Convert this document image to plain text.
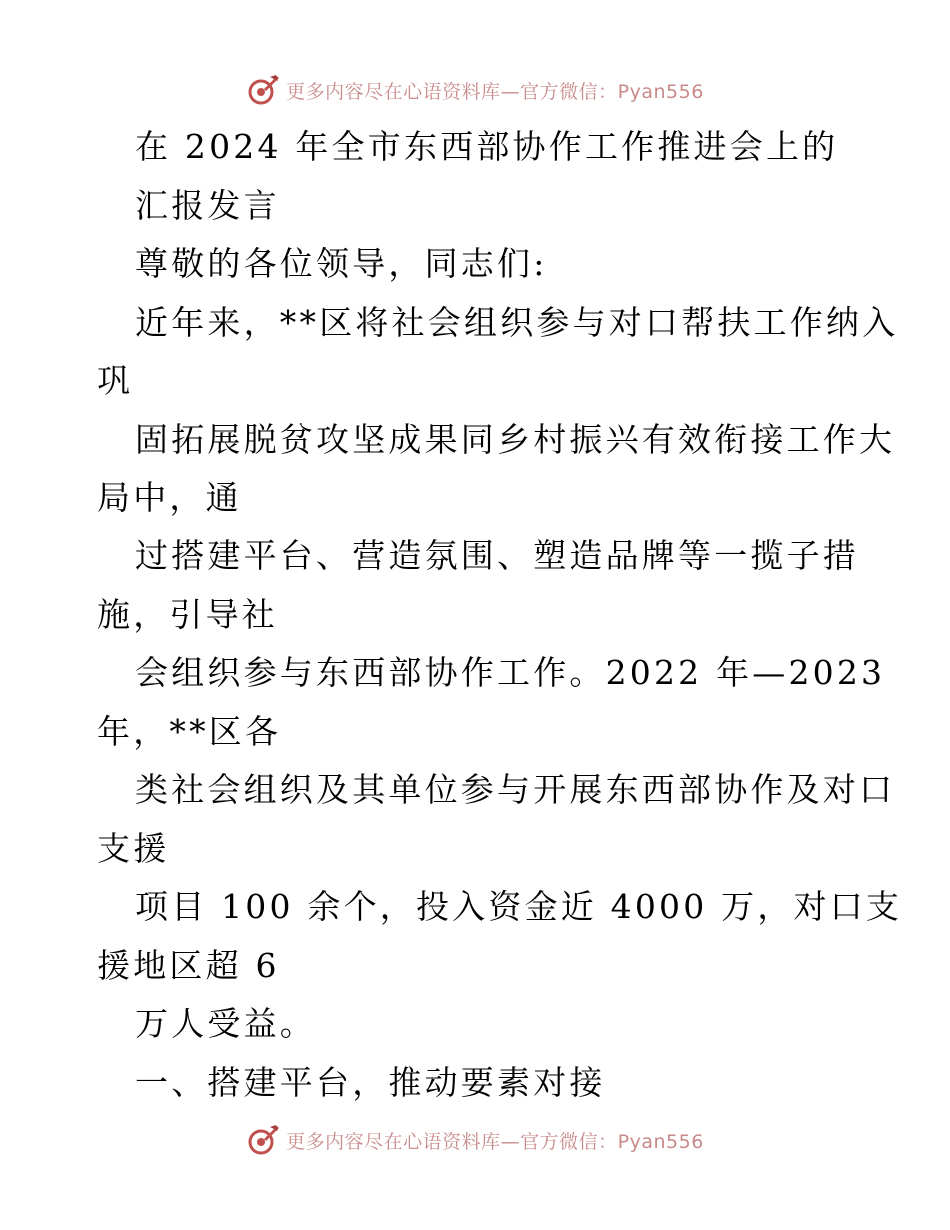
更多内容尽在心语资料库—官方微信：Pyan556
在 2024 年全市东西部协作工作推进会上的
汇报发言
尊敬的各位领导，同志们:
近年来，**区将社会组织参与对口帮扶工作纳入
巩
固拓展脱贫攻坚成果同乡村振兴有效衔接工作大
局中，通
过搭建平台、营造氛围、塑造品牌等一揽子措
施，引导社
会组织参与东西部协作工作。2022 年—2023
年，**区各
类社会组织及其单位参与开展东西部协作及对口
支援
项目 100 余个，投入资金近 4000 万，对口支
援地区超 6
万人受益。
一、搭建平台，推动要素对接
更多内容尽在心语资料库—官方微信：Pyan556
